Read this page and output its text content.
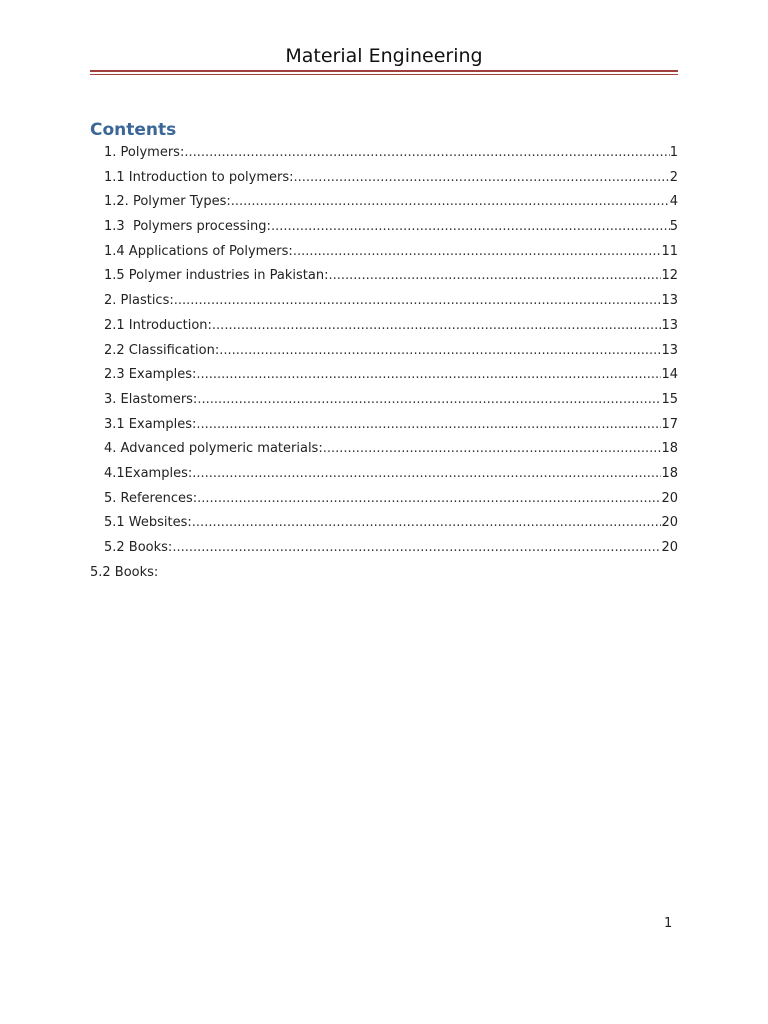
Material Engineering
Contents
1. Polymers: .....	1
1.1 Introduction to polymers: .....	2
1.2. Polymer Types: .....	4
1.3  Polymers processing: .....	5
1.4 Applications of Polymers: .....	11
1.5 Polymer industries in Pakistan: .....	12
2. Plastics: .....	13
2.1 Introduction: .....	13
2.2 Classification: .....	13
2.3 Examples: .....	14
3. Elastomers: .....	15
3.1 Examples: .....	17
4. Advanced polymeric materials: .....	18
4.1Examples: .....	18
5. References: .....	20
5.1 Websites: .....	20
5.2 Books: .....	20
5.2 Books:
1
